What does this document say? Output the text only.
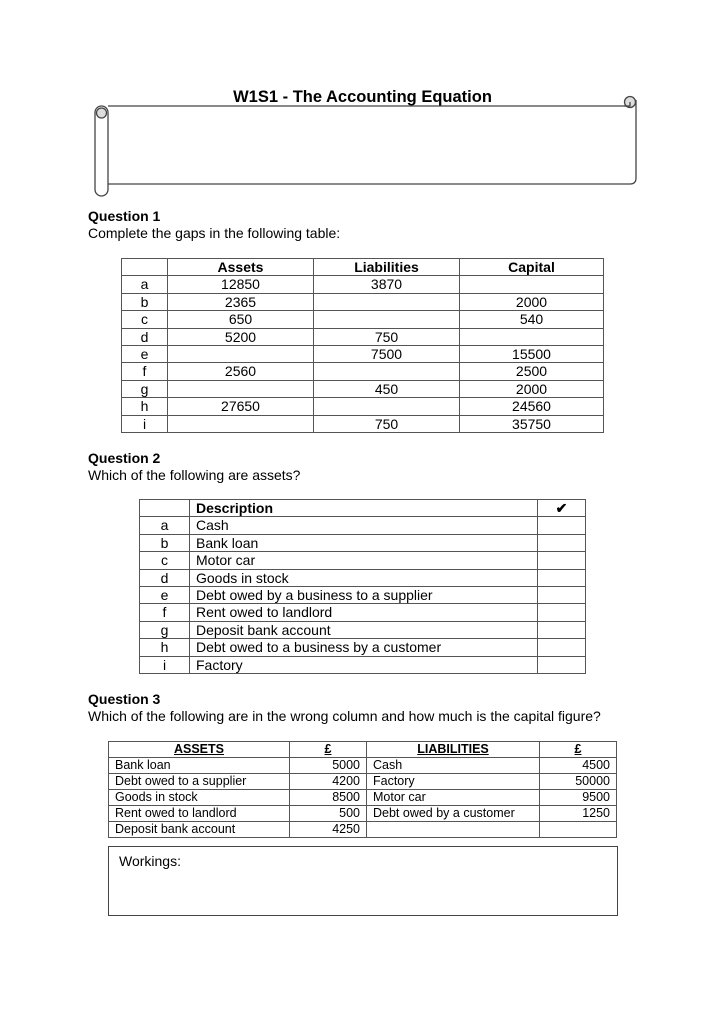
W1S1 - The Accounting Equation
Question 1
Complete the gaps in the following table:
	Assets	Liabilities	Capital
a	12850	3870	
b	2365		2000
c	650		540
d	5200	750	
e		7500	15500
f	2560		2500
g		450	2000
h	27650		24560
i		750	35750
Question 2
Which of the following are assets?
	Description	✔
a	Cash	
b	Bank loan	
c	Motor car	
d	Goods in stock	
e	Debt owed by a business to a supplier	
f	Rent owed to landlord	
g	Deposit bank account	
h	Debt owed to a business by a customer	
i	Factory	
Question 3
Which of the following are in the wrong column and how much is the capital figure?
ASSETS	£	LIABILITIES	£
Bank loan	5000	Cash	4500
Debt owed to a supplier	4200	Factory	50000
Goods in stock	8500	Motor car	9500
Rent owed to landlord	500	Debt owed by a customer	1250
Deposit bank account	4250		
Workings:
